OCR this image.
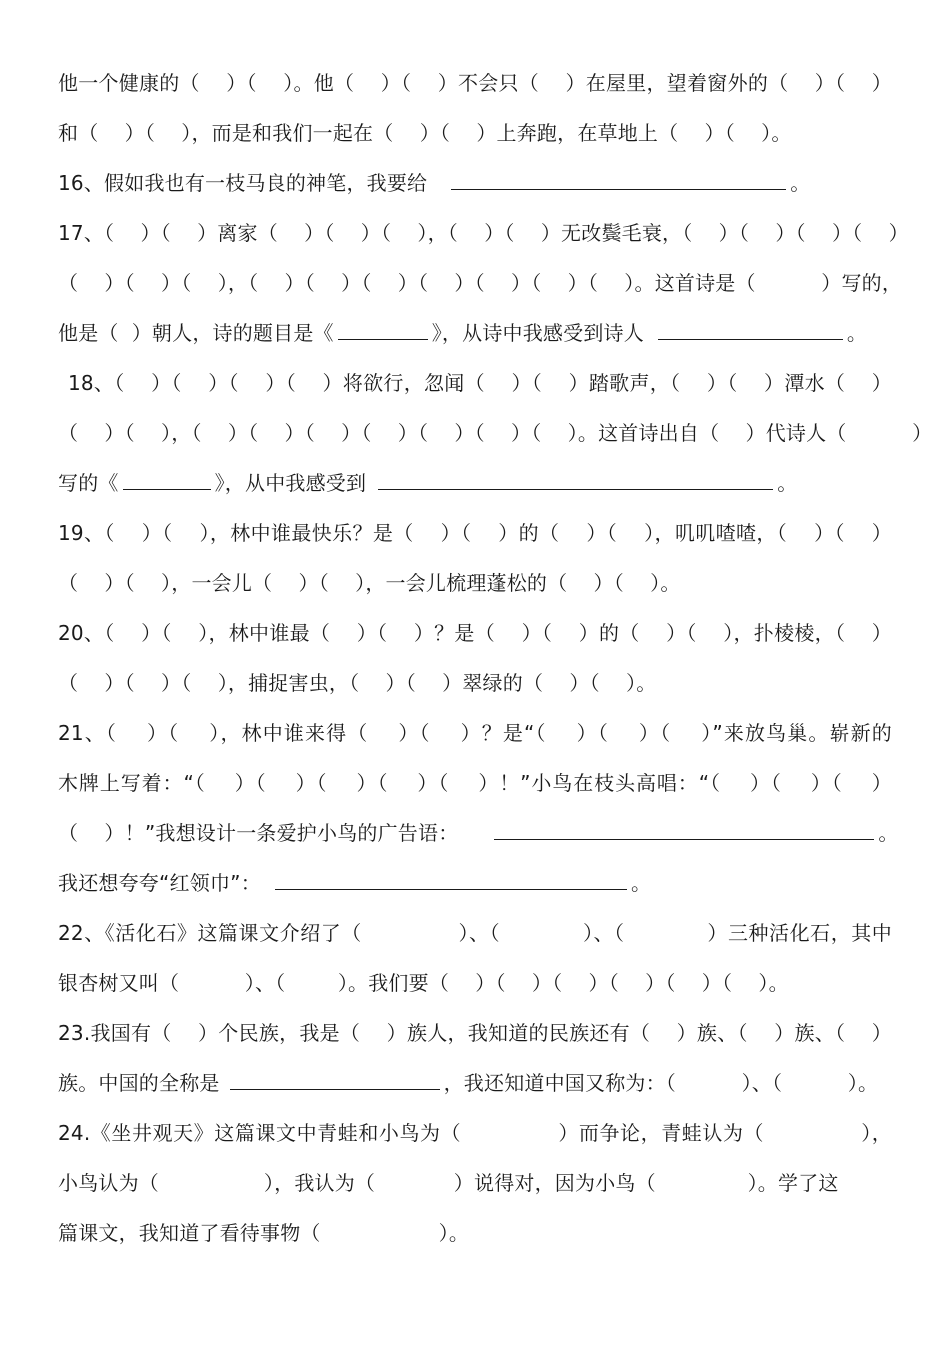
他一个健康的（    ）（    ）。他（    ）（    ）不会只（    ）在屋里，望着窗外的（    ）（    ）
和（    ）（    ），而是和我们一起在（    ）（    ）上奔跑，在草地上（    ）（    ）。
16、假如我也有一枝马良的神笔，我要给	。
17、（    ）（    ）离家（    ）（    ）（    ），（    ）（    ）无改鬓毛衰，（    ）（    ）（    ）（    ）
（    ）（    ）（    ），（    ）（    ）（    ）（    ）（    ）（    ）（    ）。这首诗是（          ）写的，
他是（  ）朝人，诗的题目是《	》，从诗中我感受到诗人	。
18、（    ）（    ）（    ）（    ）将欲行，忽闻（    ）（    ）踏歌声，（    ）（    ）潭水（    ）
（    ）（    ），（    ）（    ）（    ）（    ）（    ）（    ）（    ）。这首诗出自（    ）代诗人（          ）
写的《	》，从中我感受到	。
19、（    ）（    ），林中谁最快乐？是（    ）（    ）的（    ）（    ），叽叽喳喳，（    ）（    ）
（    ）（    ），一会儿（    ）（    ），一会儿梳理蓬松的（    ）（    ）。
20、（    ）（    ），林中谁最（    ）（    ）？是（    ）（    ）的（    ）（    ），扑棱棱，（    ）
（    ）（    ）（    ），捕捉害虫，（    ）（    ）翠绿的（    ）（    ）。
21、（    ）（    ），林中谁来得（    ）（    ）？是“（    ）（    ）（    ）”来放鸟巢。崭新的
木牌上写着：“（    ）（    ）（    ）（    ）（    ）！”小鸟在枝头高唱：“（    ）（    ）（    ）
（    ）！”我想设计一条爱护小鸟的广告语：	。
我还想夸夸“红领巾”：	。
22、《活化石》这篇课文介绍了（              ）、（            ）、（            ）三种活化石，其中
银杏树又叫（          ）、（        ）。我们要（    ）（    ）（    ）（    ）（    ）（    ）。
23.我国有（    ）个民族，我是（    ）族人，我知道的民族还有（    ）族、（    ）族、（    ）
族。中国的全称是	，我还知道中国又称为：（          ）、（          ）。
24.《坐井观天》这篇课文中青蛙和小鸟为（              ）而争论，青蛙认为（              ），
小鸟认为（                ），我认为（            ）说得对，因为小鸟（              ）。学了这
篇课文，我知道了看待事物（                  ）。
